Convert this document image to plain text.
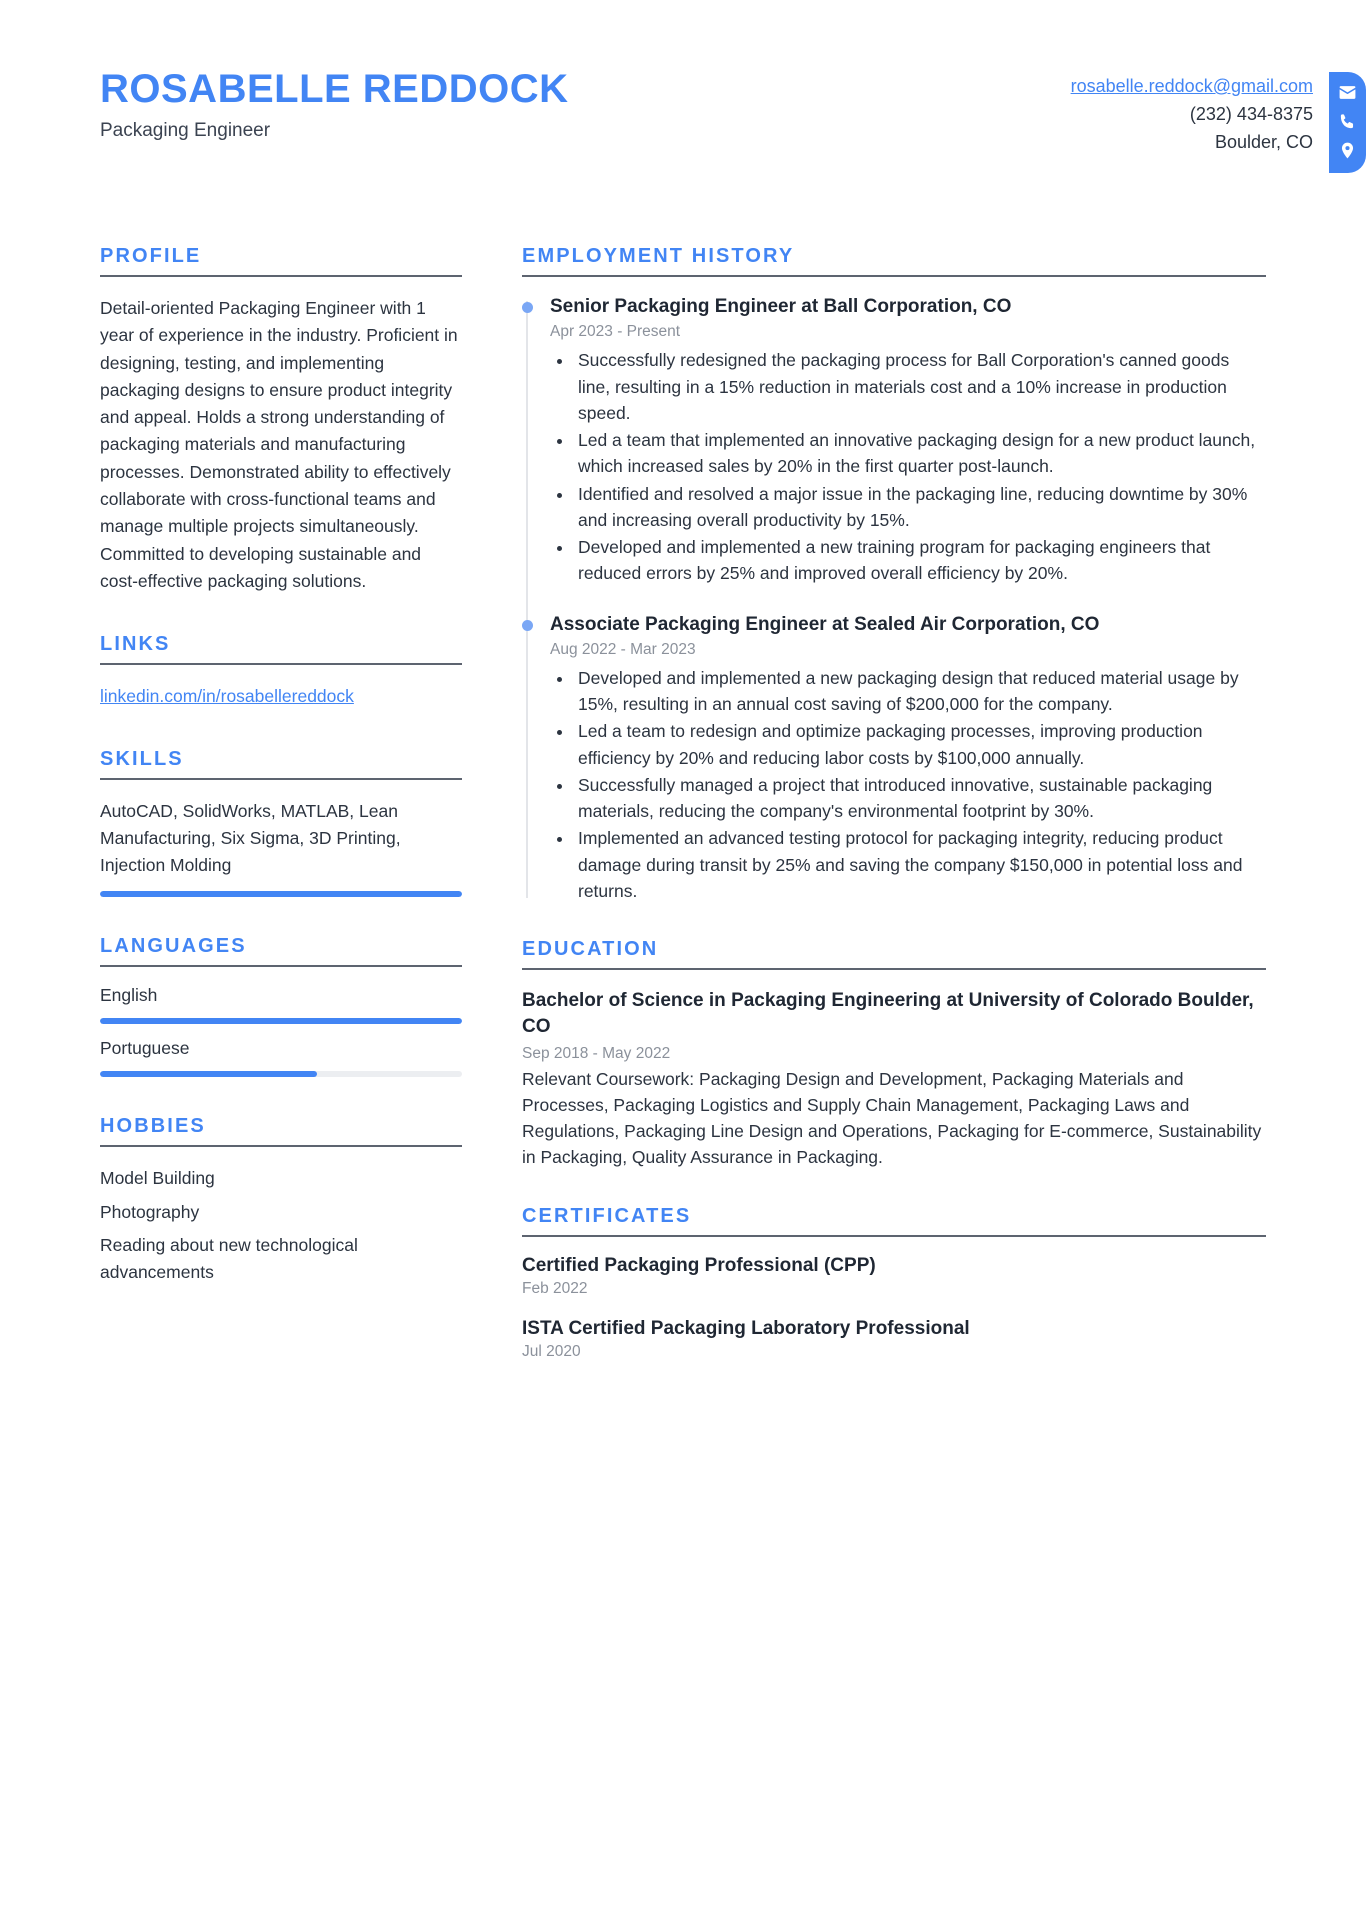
ROSABELLE REDDOCK
Packaging Engineer
rosabelle.reddock@gmail.com
(232) 434-8375
Boulder, CO
PROFILE
Detail-oriented Packaging Engineer with 1 year of experience in the industry. Proficient in designing, testing, and implementing packaging designs to ensure product integrity and appeal. Holds a strong understanding of packaging materials and manufacturing processes. Demonstrated ability to effectively collaborate with cross-functional teams and manage multiple projects simultaneously. Committed to developing sustainable and cost-effective packaging solutions.
LINKS
linkedin.com/in/rosabellereddock
SKILLS
AutoCAD, SolidWorks, MATLAB, Lean Manufacturing, Six Sigma, 3D Printing, Injection Molding
LANGUAGES
English
Portuguese
HOBBIES
Model Building
Photography
Reading about new technological advancements
EMPLOYMENT HISTORY
Senior Packaging Engineer at Ball Corporation, CO
Apr 2023 - Present
• Successfully redesigned the packaging process for Ball Corporation's canned goods line, resulting in a 15% reduction in materials cost and a 10% increase in production speed.
• Led a team that implemented an innovative packaging design for a new product launch, which increased sales by 20% in the first quarter post-launch.
• Identified and resolved a major issue in the packaging line, reducing downtime by 30% and increasing overall productivity by 15%.
• Developed and implemented a new training program for packaging engineers that reduced errors by 25% and improved overall efficiency by 20%.
Associate Packaging Engineer at Sealed Air Corporation, CO
Aug 2022 - Mar 2023
• Developed and implemented a new packaging design that reduced material usage by 15%, resulting in an annual cost saving of $200,000 for the company.
• Led a team to redesign and optimize packaging processes, improving production efficiency by 20% and reducing labor costs by $100,000 annually.
• Successfully managed a project that introduced innovative, sustainable packaging materials, reducing the company's environmental footprint by 30%.
• Implemented an advanced testing protocol for packaging integrity, reducing product damage during transit by 25% and saving the company $150,000 in potential loss and returns.
EDUCATION
Bachelor of Science in Packaging Engineering at University of Colorado Boulder, CO
Sep 2018 - May 2022
Relevant Coursework: Packaging Design and Development, Packaging Materials and Processes, Packaging Logistics and Supply Chain Management, Packaging Laws and Regulations, Packaging Line Design and Operations, Packaging for E-commerce, Sustainability in Packaging, Quality Assurance in Packaging.
CERTIFICATES
Certified Packaging Professional (CPP)
Feb 2022
ISTA Certified Packaging Laboratory Professional
Jul 2020
